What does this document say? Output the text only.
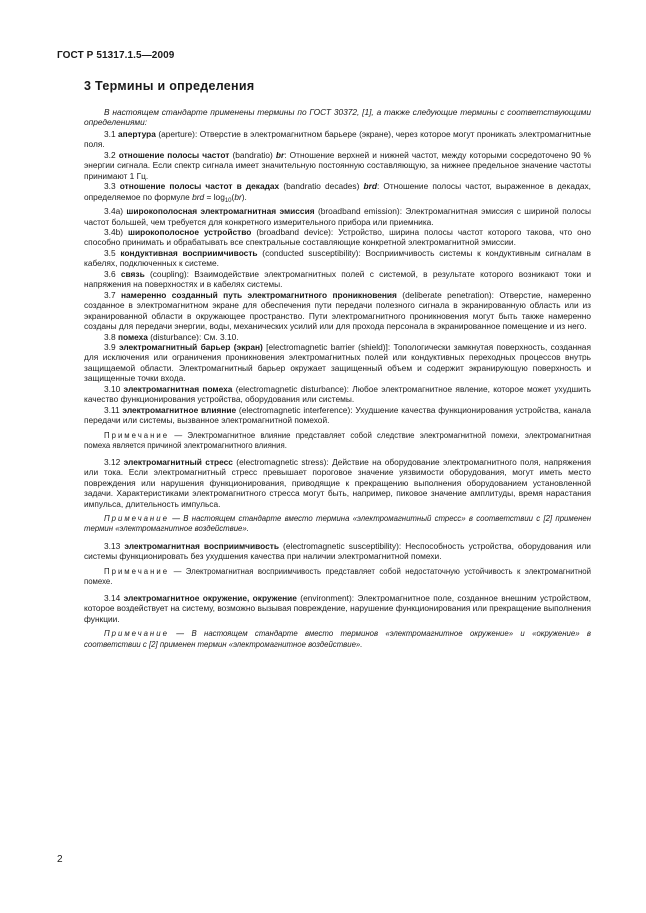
ГОСТ Р 51317.1.5—2009
3 Термины и определения

В настоящем стандарте применены термины по ГОСТ 30372, [1], а также следующие термины с соответствующими определениями:

3.1 апертура (aperture): Отверстие в электромагнитном барьере (экране), через которое могут проникать электромагнитные поля.

3.2 отношение полосы частот (bandratio) br: Отношение верхней и нижней частот, между которыми сосредоточено 90 % энергии сигнала. Если спектр сигнала имеет значительную постоянную составляющую, за нижнее предельное значение частоты принимают 1 Гц.

3.3 отношение полосы частот в декадах (bandratio decades) brd: Отношение полосы частот, выраженное в декадах, определяемое по формуле brd = $\log_{10}(br)$.

3.4a) широкополосная электромагнитная эмиссия (broadband emission): Электромагнитная эмиссия с шириной полосы частот большей, чем требуется для конкретного измерительного прибора или приемника.

3.4b) широкополосное устройство (broadband device): Устройство, ширина полосы частот которого такова, что оно способно принимать и обрабатывать все спектральные составляющие конкретной электромагнитной эмиссии.

3.5 кондуктивная восприимчивость (conducted susceptibility): Восприимчивость системы к кондуктивным сигналам в кабелях, подключенных к системе.

3.6 связь (coupling): Взаимодействие электромагнитных полей с системой, в результате которого возникают токи и напряжения на поверхностях и в кабелях системы.

3.7 намеренно созданный путь электромагнитного проникновения (deliberate penetration): Отверстие, намеренно созданное в электромагнитном экране для обеспечения пути передачи полезного сигнала в экранированную область или из экранированной области в окружающее пространство. Пути электромагнитного проникновения могут быть также намеренно созданы для передачи энергии, воды, механических усилий или для прохода персонала в экранированное помещение и из него.

3.8 помеха (disturbance): См. 3.10.

3.9 электромагнитный барьер (экран) [electromagnetic barrier (shield)]: Топологически замкнутая поверхность, созданная для исключения или ограничения проникновения электромагнитных полей или кондуктивных переходных процессов внутрь защищаемой области. Электромагнитный барьер окружает защищенный объем и содержит экранирующую поверхность и защищенные точки входа.

3.10 электромагнитная помеха (electromagnetic disturbance): Любое электромагнитное явление, которое может ухудшить качество функционирования устройства, оборудования или системы.

3.11 электромагнитное влияние (electromagnetic interference): Ухудшение качества функционирования устройства, канала передачи или системы, вызванное электромагнитной помехой.

Примечание — Электромагнитное влияние представляет собой следствие электромагнитной помехи, электромагнитная помеха является причиной электромагнитного влияния.

3.12 электромагнитный стресс (electromagnetic stress): Действие на оборудование электромагнитного поля, напряжения или тока. Если электромагнитный стресс превышает пороговое значение уязвимости оборудования, могут иметь место повреждения или нарушения функционирования, приводящие к прекращению выполнения оборудованием установленной задачи. Характеристиками электромагнитного стресса могут быть, например, пиковое значение амплитуды, время нарастания импульса, длительность импульса.

Примечание — В настоящем стандарте вместо термина «электромагнитный стресс» в соответствии с [2] применен термин «электромагнитное воздействие».

3.13 электромагнитная восприимчивость (electromagnetic susceptibility): Неспособность устройства, оборудования или системы функционировать без ухудшения качества при наличии электромагнитной помехи.

Примечание — Электромагнитная восприимчивость представляет собой недостаточную устойчивость к электромагнитной помехе.

3.14 электромагнитное окружение, окружение (environment): Электромагнитное поле, созданное внешним устройством, которое воздействует на систему, возможно вызывая повреждение, нарушение функционирования или прекращение выполнения функции.

Примечание — В настоящем стандарте вместо терминов «электромагнитное окружение» и «окружение» в соответствии с [2] применен термин «электромагнитное воздействие».

2
